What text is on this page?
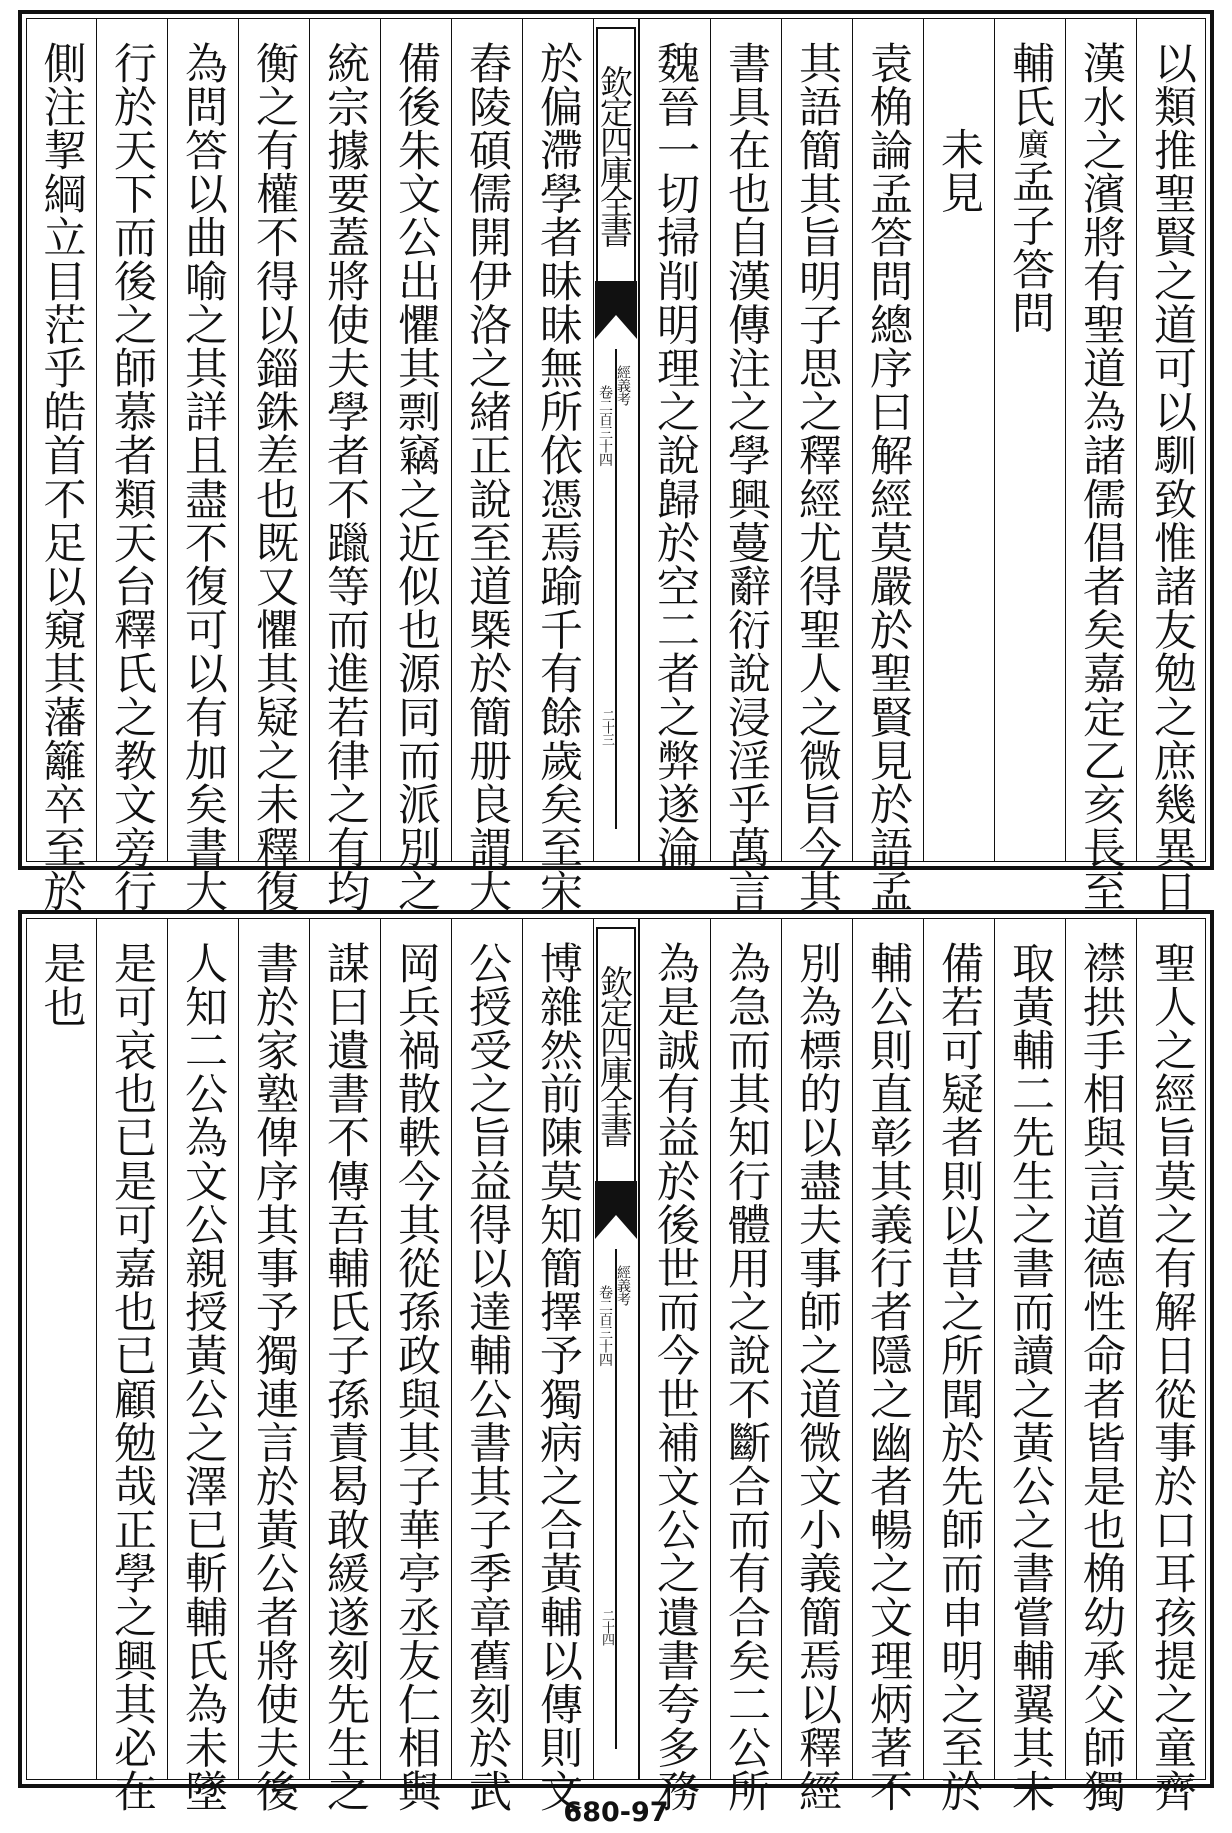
以類推聖賢之道可以馴致惟諸友勉之庶幾異日
漢水之濱將有聖道為諸儒倡者矣嘉定乙亥長至
輔氏廣孟子答問
未見
袁桷論孟答問總序曰解經莫嚴於聖賢見於語孟
其語簡其旨明子思之釋經尤得聖人之微旨今其
書具在也自漢傳注之學興蔓辭衍說浸淫乎萬言
魏晉一切掃削明理之說歸於空二者之弊遂淪
欽定四庫全書
經義考
卷二百三十四
二十三
於偏滯學者昧昧無所依憑焉踰千有餘歲矣至宋
舂陵碩儒開伊洛之緒正說至道槩於簡册良謂大
備後朱文公出懼其剽竊之近似也源同而派別之
統宗據要蓋將使夫學者不躐等而進若律之有均
衡之有權不得以錙銖差也既又懼其疑之未釋復
為問答以曲喻之其詳且盡不復可以有加矣書大
行於天下而後之師慕者類天台釋氏之教文旁行
側注挈綱立目茫乎皓首不足以窺其藩籬卒至於
聖人之經旨莫之有解日從事於口耳孩提之童齊
襟拱手相與言道德性命者皆是也桷幼承父師獨
取黃輔二先生之書而讀之黃公之書嘗輔翼其未
備若可疑者則以昔之所聞於先師而申明之至於
輔公則直彰其義行者隱之幽者暢之文理炳著不
別為標的以盡夫事師之道微文小義簡焉以釋經
為急而其知行體用之說不斷合而有合矣二公所
為是誠有益於後世而今世補文公之遺書夸多務
欽定四庫全書
經義考
卷二百三十四
二十四
博雜然前陳莫知簡擇予獨病之合黃輔以傳則文
公授受之旨益得以達輔公書其子季章舊刻於武
岡兵禍散軼今其從孫政與其子華亭丞友仁相與
謀曰遺書不傳吾輔氏子孫責曷敢緩遂刻先生之
書於家塾俾序其事予獨連言於黃公者將使夫後
人知二公為文公親授黃公之澤已斬輔氏為未墜
是可哀也已是可嘉也已顧勉哉正學之興其必在
是也
680-97
